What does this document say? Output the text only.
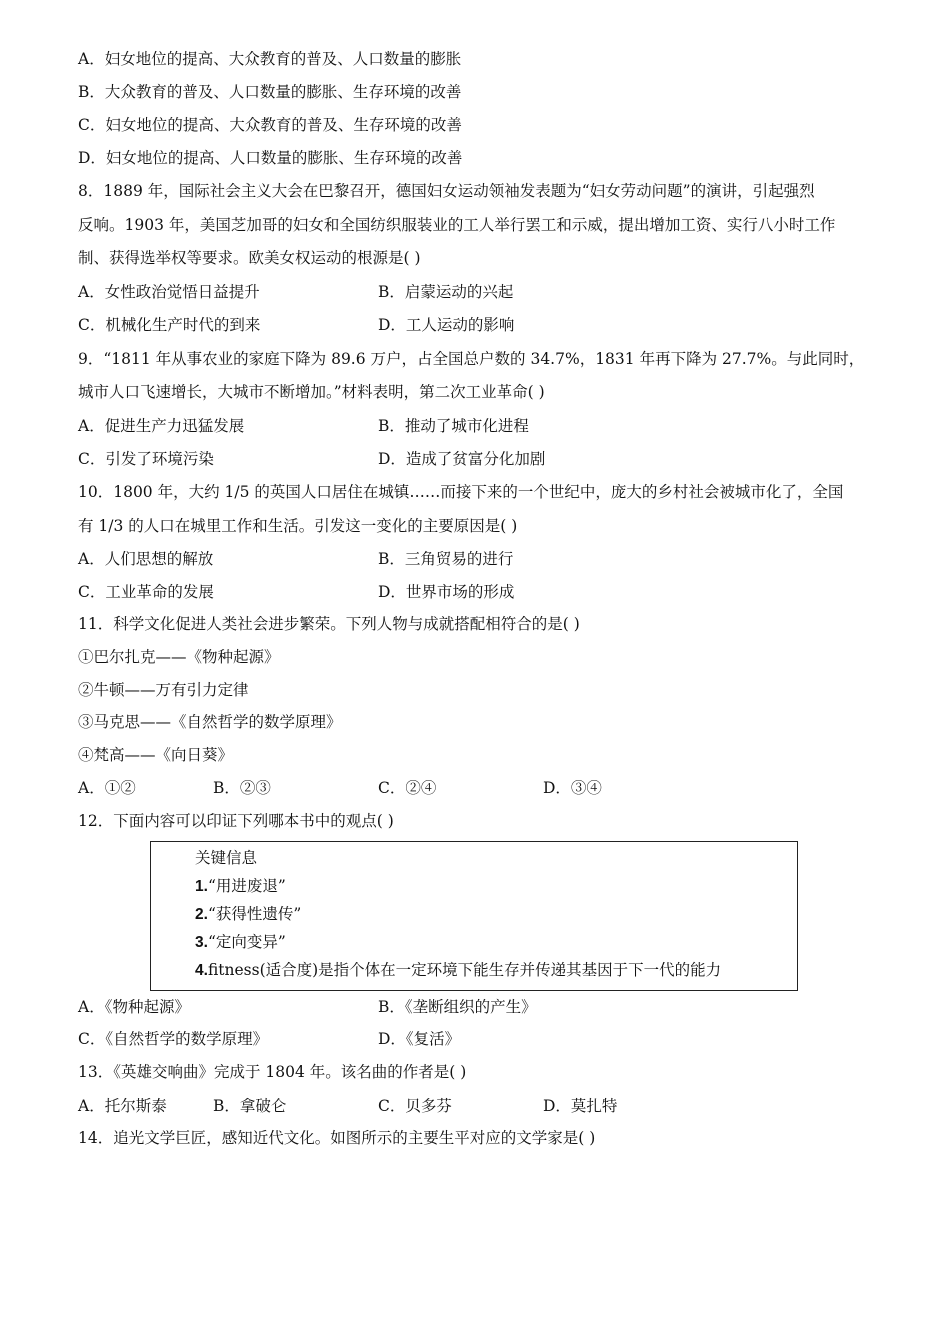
A．妇女地位的提高、大众教育的普及、人口数量的膨胀
B．大众教育的普及、人口数量的膨胀、生存环境的改善
C．妇女地位的提高、大众教育的普及、生存环境的改善
D．妇女地位的提高、人口数量的膨胀、生存环境的改善
8．1889 年，国际社会主义大会在巴黎召开，德国妇女运动领袖发表题为“妇女劳动问题”的演讲，引起强烈
反响。1903 年，美国芝加哥的妇女和全国纺织服装业的工人举行罢工和示威，提出增加工资、实行八小时工作
制、获得选举权等要求。欧美女权运动的根源是( )
A．女性政治觉悟日益提升	B．启蒙运动的兴起
C．机械化生产时代的到来	D．工人运动的影响
9．“1811 年从事农业的家庭下降为 89.6 万户，占全国总户数的 34.7%，1831 年再下降为 27.7%。与此同时，
城市人口飞速增长，大城市不断增加。”材料表明，第二次工业革命( )
A．促进生产力迅猛发展	B．推动了城市化进程
C．引发了环境污染	D．造成了贫富分化加剧
10．1800 年，大约 1/5 的英国人口居住在城镇……而接下来的一个世纪中，庞大的乡村社会被城市化了，全国
有 1/3 的人口在城里工作和生活。引发这一变化的主要原因是( )
A．人们思想的解放	B．三角贸易的进行
C．工业革命的发展	D．世界市场的形成
11．科学文化促进人类社会进步繁荣。下列人物与成就搭配相符合的是( )
①巴尔扎克——《物种起源》
②牛顿——万有引力定律
③马克思——《自然哲学的数学原理》
④梵高——《向日葵》
A．①②	B．②③	C．②④	D．③④
12．下面内容可以印证下列哪本书中的观点( )
关键信息
1.“用进废退”
2.“获得性遗传”
3.“定向变异”
4.fitness(适合度)是指个体在一定环境下能生存并传递其基因于下一代的能力
A．《物种起源》	B．《垄断组织的产生》
C．《自然哲学的数学原理》	D．《复活》
13．《英雄交响曲》完成于 1804 年。该名曲的作者是( )
A．托尔斯泰	B．拿破仑	C．贝多芬	D．莫扎特
14．追光文学巨匠，感知近代文化。如图所示的主要生平对应的文学家是( )
